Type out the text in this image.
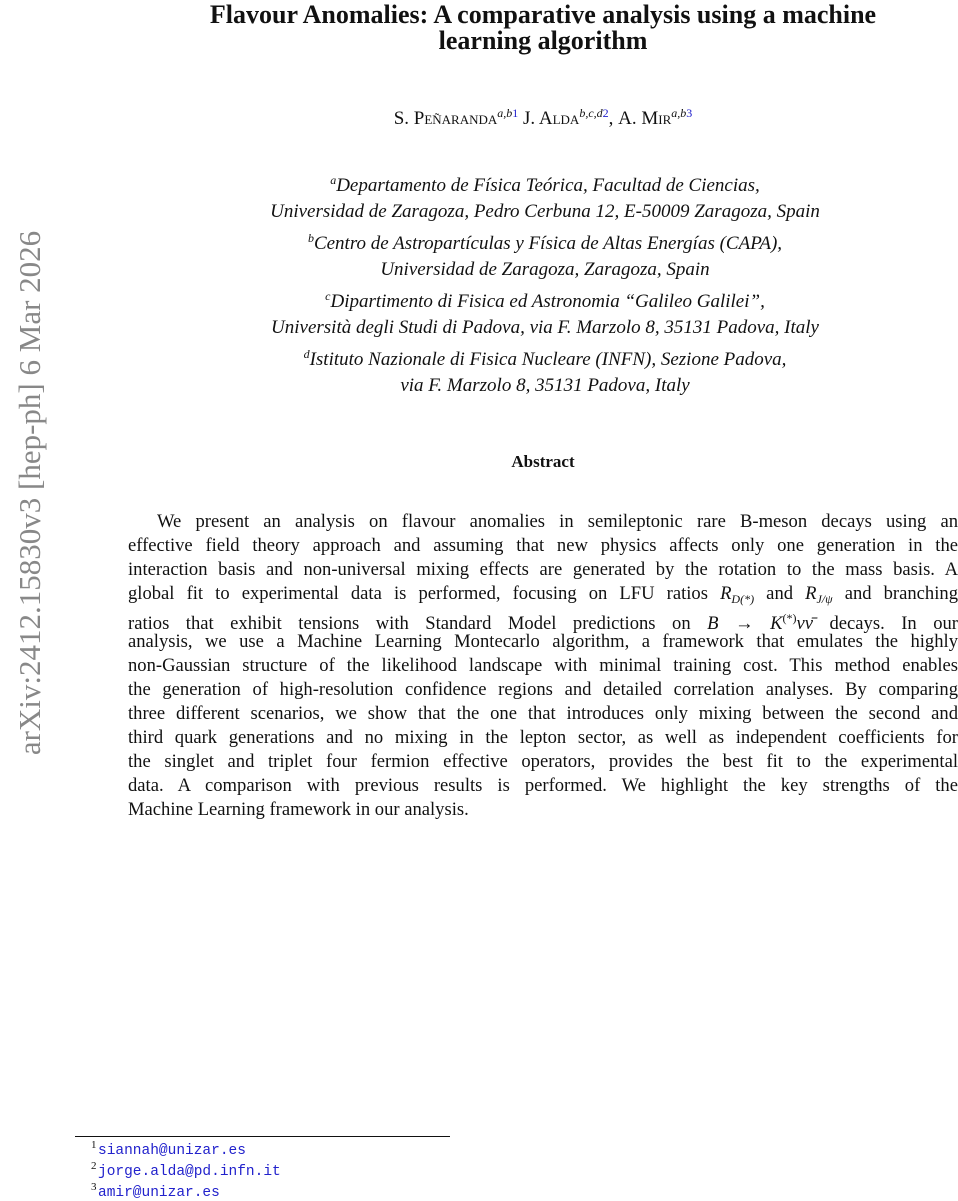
arXiv:2412.15830v3 [hep-ph] 6 Mar 2026
Flavour Anomalies: A comparative analysis using a machine
learning algorithm
S. Peñaranda$^{a,b1}$ J. Alda$^{b,c,d2}$, A. Mir$^{a,b3}$
$^a$Departamento de Física Teórica, Facultad de Ciencias,
Universidad de Zaragoza, Pedro Cerbuna 12, E-50009 Zaragoza, Spain
$^b$Centro de Astropartículas y Física de Altas Energías (CAPA),
Universidad de Zaragoza, Zaragoza, Spain
$^c$Dipartimento di Fisica ed Astronomia “Galileo Galilei”,
Università degli Studi di Padova, via F. Marzolo 8, 35131 Padova, Italy
$^d$Istituto Nazionale di Fisica Nucleare (INFN), Sezione Padova,
via F. Marzolo 8, 35131 Padova, Italy
Abstract
We present an analysis on flavour anomalies in semileptonic rare B-meson decays using an
effective field theory approach and assuming that new physics affects only one generation in the
interaction basis and non-universal mixing effects are generated by the rotation to the mass basis. A
global fit to experimental data is performed, focusing on LFU ratios $R_{D(*)}$ and $R_{J/\psi}$ and branching
ratios that exhibit tensions with Standard Model predictions on B → K(*)νν̄ decays. In our
analysis, we use a Machine Learning Montecarlo algorithm, a framework that emulates the highly
non-Gaussian structure of the likelihood landscape with minimal training cost. This method enables
the generation of high-resolution confidence regions and detailed correlation analyses. By comparing
three different scenarios, we show that the one that introduces only mixing between the second and
third quark generations and no mixing in the lepton sector, as well as independent coefficients for
the singlet and triplet four fermion effective operators, provides the best fit to the experimental
data. A comparison with previous results is performed. We highlight the key strengths of the
Machine Learning framework in our analysis.
1 siannah@unizar.es
2 jorge.alda@pd.infn.it
3 amir@unizar.es
